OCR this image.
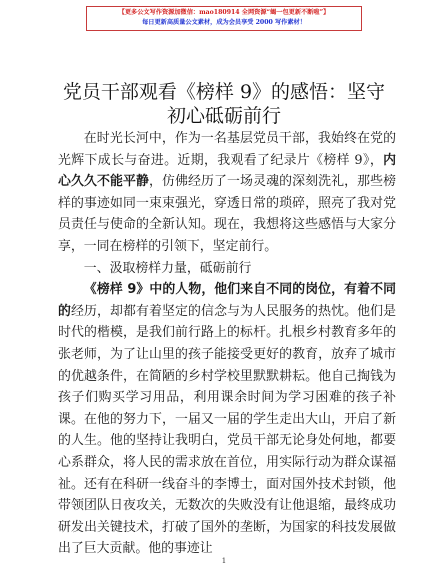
【更多公文写作资源加微信：mao180914 全网资源“蝎一包更新不断啦”】
每日更新高质量公文素材，成为会员享受 2000 写作素材！
党员干部观看《榜样 9》的感悟：坚守初心砥砺前行

在时光长河中，作为一名基层党员干部，我始终在党的光辉下成长与奋进。近期，我观看了纪录片《榜样 9》，内心久久不能平静，仿佛经历了一场灵魂的深刻洗礼，那些榜样的事迹如同一束束强光，穿透日常的琐碎，照亮了我对党员责任与使命的全新认知。现在，我想将这些感悟与大家分享，一同在榜样的引领下，坚定前行。

一、汲取榜样力量，砥砺前行

《榜样 9》中的人物，他们来自不同的岗位，有着不同的经历，却都有着坚定的信念与为人民服务的热忱。他们是时代的楷模，是我们前行路上的标杆。扎根乡村教育多年的张老师，为了让山里的孩子能接受更好的教育，放弃了城市的优越条件，在简陋的乡村学校里默默耕耘。他自己掏钱为孩子们购买学习用品，利用课余时间为学习困难的孩子补课。在他的努力下，一届又一届的学生走出大山，开启了新的人生。他的坚持让我明白，党员干部无论身处何地，都要心系群众，将人民的需求放在首位，用实际行动为群众谋福祉。还有在科研一线奋斗的李博士，面对国外技术封锁，他带领团队日夜攻关，无数次的失败没有让他退缩，最终成功研发出关键技术，打破了国外的垄断，为国家的科技发展做出了巨大贡献。他的事迹让

1
